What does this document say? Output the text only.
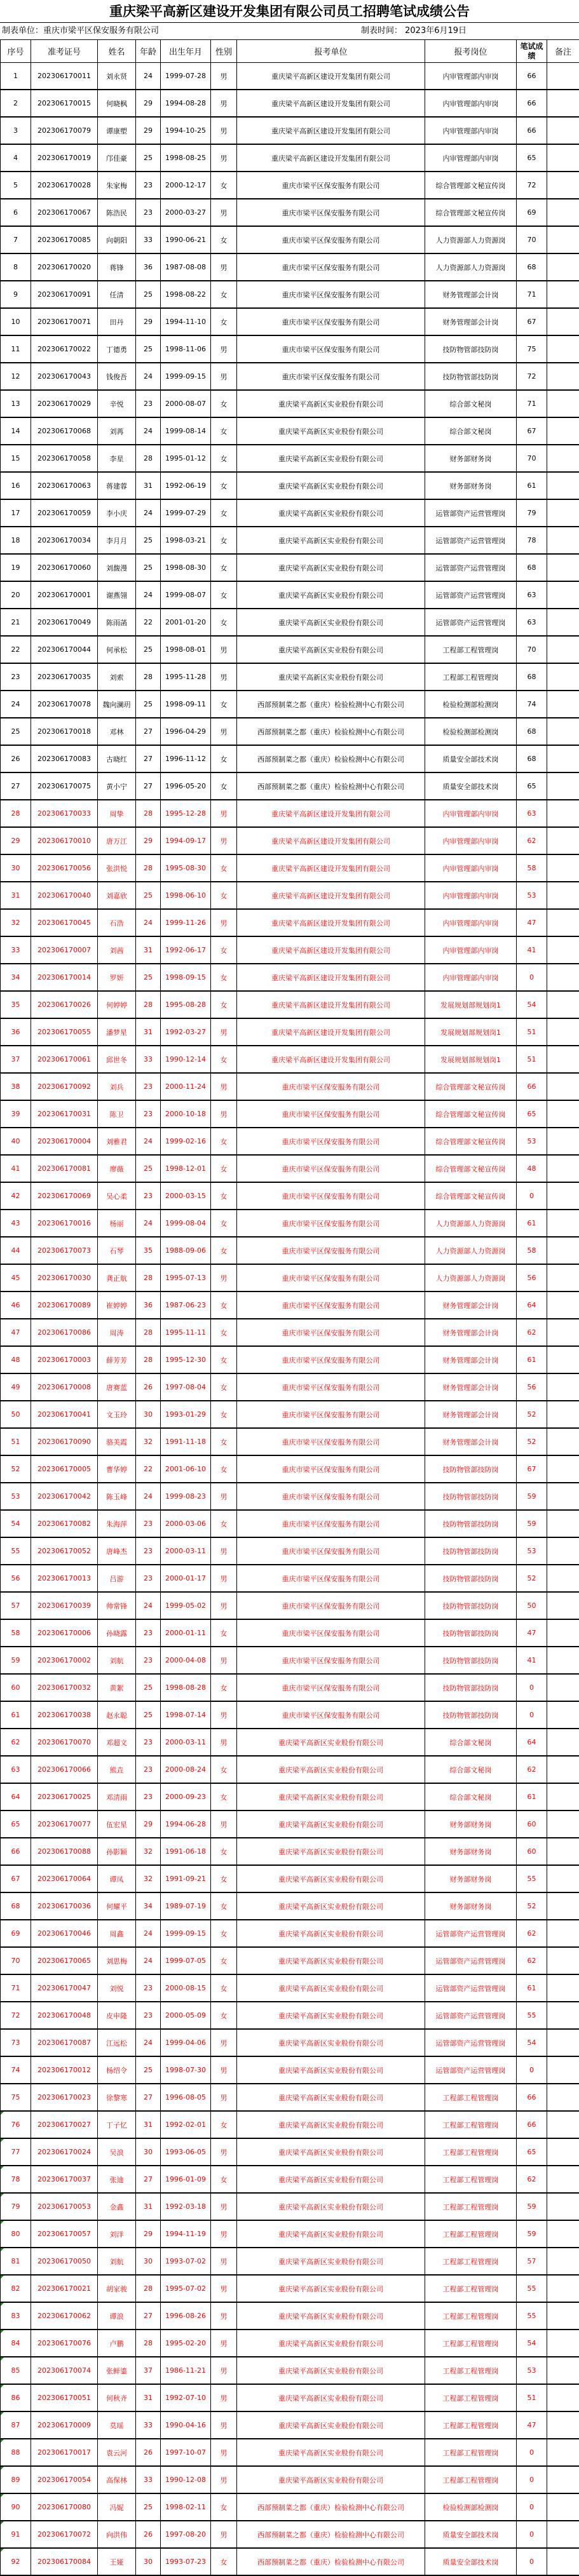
重庆梁平高新区建设开发集团有限公司员工招聘笔试成绩公告
制表单位：重庆市梁平区保安服务有限公司	制表时间： 2023年6月19日
序号	准考证号	姓名	年龄	出生年月	性别	报考单位	报考岗位	笔试成绩	备注
1	202306170011	刘永贤	24	1999-07-28	男	重庆梁平高新区建设开发集团有限公司	内审管理部内审岗	66	
2	202306170015	何晓枫	29	1994-08-28	男	重庆梁平高新区建设开发集团有限公司	内审管理部内审岗	66	
3	202306170079	谭康塱	29	1994-10-25	男	重庆梁平高新区建设开发集团有限公司	内审管理部内审岗	66	
4	202306170019	邝佳豪	25	1998-08-25	男	重庆梁平高新区建设开发集团有限公司	内审管理部内审岗	65	
5	202306170028	朱家梅	23	2000-12-17	女	重庆市梁平区保安服务有限公司	综合管理部文秘宣传岗	72	
6	202306170067	陈浩民	23	2000-03-27	男	重庆市梁平区保安服务有限公司	综合管理部文秘宣传岗	69	
7	202306170085	向朝阳	33	1990-06-21	女	重庆市梁平区保安服务有限公司	人力资源部人力资源岗	70	
8	202306170020	蒋锋	36	1987-08-08	男	重庆市梁平区保安服务有限公司	人力资源部人力资源岗	68	
9	202306170091	任清	25	1998-08-22	女	重庆市梁平区保安服务有限公司	财务管理部会计岗	71	
10	202306170071	田丹	29	1994-11-10	女	重庆市梁平区保安服务有限公司	财务管理部会计岗	67	
11	202306170022	丁德勇	25	1998-11-06	男	重庆市梁平区保安服务有限公司	技防物管部技防岗	75	
12	202306170043	钱俊吾	24	1999-09-15	男	重庆市梁平区保安服务有限公司	技防物管部技防岗	72	
13	202306170029	辛悦	23	2000-08-07	女	重庆梁平高新区实业股份有限公司	综合部文秘岗	71	
14	202306170068	刘苒	24	1999-08-14	女	重庆梁平高新区实业股份有限公司	综合部文秘岗	67	
15	202306170058	李星	28	1995-01-12	女	重庆梁平高新区实业股份有限公司	财务部财务岗	70	
16	202306170063	蒋建蓉	31	1992-06-19	女	重庆梁平高新区实业股份有限公司	财务部财务岗	61	
17	202306170059	李小庆	24	1999-07-29	女	重庆梁平高新区实业股份有限公司	运管部资产运营管理岗	79	
18	202306170034	李月月	25	1998-03-21	女	重庆梁平高新区实业股份有限公司	运管部资产运营管理岗	78	
19	202306170060	刘馥漫	25	1998-08-30	女	重庆梁平高新区实业股份有限公司	运管部资产运营管理岗	68	
20	202306170001	谢燕翎	24	1999-08-07	女	重庆梁平高新区实业股份有限公司	运管部资产运营管理岗	63	
21	202306170049	陈雨菡	22	2001-01-20	女	重庆梁平高新区实业股份有限公司	运管部资产运营管理岗	63	
22	202306170044	何承松	25	1998-08-01	男	重庆梁平高新区实业股份有限公司	工程部工程管理岗	70	
23	202306170035	刘索	28	1995-11-28	男	重庆梁平高新区实业股份有限公司	工程部工程管理岗	68	
24	202306170078	魏向澜玥	25	1998-09-11	女	西部预制菜之都（重庆）检验检测中心有限公司	检验检测部检测岗	74	
25	202306170018	邓林	27	1996-04-29	男	西部预制菜之都（重庆）检验检测中心有限公司	检验检测部检测岗	68	
26	202306170083	古晓红	27	1996-11-12	女	西部预制菜之都（重庆）检验检测中心有限公司	质量安全部技术岗	68	
27	202306170075	黄小宁	27	1996-05-20	女	西部预制菜之都（重庆）检验检测中心有限公司	质量安全部技术岗	65	
28	202306170033	周挚	28	1995-12-28	男	重庆梁平高新区建设开发集团有限公司	内审管理部内审岗	63	
29	202306170010	唐万江	29	1994-09-17	男	重庆梁平高新区建设开发集团有限公司	内审管理部内审岗	62	
30	202306170056	张洪悦	28	1995-08-30	女	重庆梁平高新区建设开发集团有限公司	内审管理部内审岗	58	
31	202306170040	刘嘉欣	25	1998-06-10	女	重庆梁平高新区建设开发集团有限公司	内审管理部内审岗	53	
32	202306170045	石浩	24	1999-11-26	男	重庆梁平高新区建设开发集团有限公司	内审管理部内审岗	47	
33	202306170007	刘茜	31	1992-06-17	女	重庆梁平高新区建设开发集团有限公司	内审管理部内审岗	41	
34	202306170014	罗妍	25	1998-09-15	女	重庆梁平高新区建设开发集团有限公司	内审管理部内审岗	0	
35	202306170026	何婷婷	28	1995-08-28	女	重庆梁平高新区建设开发集团有限公司	发展规划部规划岗1	54	
36	202306170055	潘梦星	31	1992-03-27	男	重庆梁平高新区建设开发集团有限公司	发展规划部规划岗1	51	
37	202306170061	邱世冬	33	1990-12-14	女	重庆梁平高新区建设开发集团有限公司	发展规划部规划岗1	51	
38	202306170092	刘兵	23	2000-11-24	男	重庆市梁平区保安服务有限公司	综合管理部文秘宣传岗	66	
39	202306170031	陈卫	23	2000-10-18	男	重庆市梁平区保安服务有限公司	综合管理部文秘宣传岗	65	
40	202306170004	刘雅君	24	1999-02-16	女	重庆市梁平区保安服务有限公司	综合管理部文秘宣传岗	53	
41	202306170081	廖薇	25	1998-12-01	女	重庆市梁平区保安服务有限公司	综合管理部文秘宣传岗	48	
42	202306170069	吴心柔	23	2000-03-15	女	重庆市梁平区保安服务有限公司	综合管理部文秘宣传岗	0	
43	202306170016	杨丽	24	1999-08-04	女	重庆市梁平区保安服务有限公司	人力资源部人力资源岗	61	
44	202306170073	石琴	35	1988-09-06	女	重庆市梁平区保安服务有限公司	人力资源部人力资源岗	58	
45	202306170030	龚正航	28	1995-07-13	男	重庆市梁平区保安服务有限公司	人力资源部人力资源岗	56	
46	202306170089	崔婷婷	36	1987-06-23	女	重庆市梁平区保安服务有限公司	财务管理部会计岗	64	
47	202306170086	周涛	28	1995-11-11	女	重庆市梁平区保安服务有限公司	财务管理部会计岗	62	
48	202306170003	薛芳芳	28	1995-12-30	女	重庆市梁平区保安服务有限公司	财务管理部会计岗	61	
49	202306170008	唐赛蓝	26	1997-08-04	女	重庆市梁平区保安服务有限公司	财务管理部会计岗	56	
50	202306170041	文玉玲	30	1993-01-29	女	重庆市梁平区保安服务有限公司	财务管理部会计岗	52	
51	202306170090	骆美霞	32	1991-11-18	女	重庆市梁平区保安服务有限公司	财务管理部会计岗	52	
52	202306170005	曹华婷	22	2001-06-10	女	重庆市梁平区保安服务有限公司	技防物管部技防岗	67	
53	202306170042	陈玉峰	24	1999-08-23	男	重庆市梁平区保安服务有限公司	技防物管部技防岗	59	
54	202306170082	朱海萍	23	2000-03-06	女	重庆市梁平区保安服务有限公司	技防物管部技防岗	59	
55	202306170052	唐峰杰	23	2000-03-11	男	重庆市梁平区保安服务有限公司	技防物管部技防岗	53	
56	202306170013	吕游	23	2000-01-17	男	重庆市梁平区保安服务有限公司	技防物管部技防岗	52	
57	202306170039	帅常锋	24	1999-05-02	男	重庆市梁平区保安服务有限公司	技防物管部技防岗	50	
58	202306170006	孙晓露	23	2000-01-11	女	重庆市梁平区保安服务有限公司	技防物管部技防岗	47	
59	202306170002	刘航	23	2000-04-08	男	重庆市梁平区保安服务有限公司	技防物管部技防岗	41	
60	202306170032	黄絮	25	1998-08-28	女	重庆市梁平区保安服务有限公司	技防物管部技防岗	0	
61	202306170038	赵永聪	25	1998-07-14	男	重庆市梁平区保安服务有限公司	技防物管部技防岗	0	
62	202306170070	邓超文	23	2000-03-11	男	重庆梁平高新区实业股份有限公司	综合部文秘岗	64	
63	202306170066	熊垚	23	2000-08-24	女	重庆梁平高新区实业股份有限公司	综合部文秘岗	62	
64	202306170025	邓清雨	23	2000-09-23	女	重庆梁平高新区实业股份有限公司	综合部文秘岗	61	
65	202306170077	伍宏星	29	1994-06-28	男	重庆梁平高新区实业股份有限公司	财务部财务岗	60	
66	202306170088	孙影颖	32	1991-06-18	女	重庆梁平高新区实业股份有限公司	财务部财务岗	60	
67	202306170064	谭凤	32	1991-09-21	女	重庆梁平高新区实业股份有限公司	财务部财务岗	55	
68	202306170036	何耀平	34	1989-07-19	女	重庆梁平高新区实业股份有限公司	财务部财务岗	52	
69	202306170046	周鑫	24	1999-09-15	女	重庆梁平高新区实业股份有限公司	运管部资产运营管理岗	62	
70	202306170065	刘思梅	24	1999-07-05	女	重庆梁平高新区实业股份有限公司	运管部资产运营管理岗	62	
71	202306170047	刘悦	23	2000-08-15	女	重庆梁平高新区实业股份有限公司	运管部资产运营管理岗	61	
72	202306170048	皮申隆	23	2000-05-09	女	重庆梁平高新区实业股份有限公司	运管部资产运营管理岗	55	
73	202306170087	江远松	24	1999-04-06	男	重庆梁平高新区实业股份有限公司	运管部资产运营管理岗	54	
74	202306170012	杨绍令	25	1998-07-30	男	重庆梁平高新区实业股份有限公司	运管部资产运营管理岗	0	
75	202306170023	徐黎寒	27	1996-08-05	男	重庆梁平高新区实业股份有限公司	工程部工程管理岗	66	
76	202306170027	丁子忆	31	1992-02-01	女	重庆梁平高新区实业股份有限公司	工程部工程管理岗	66	
77	202306170024	吴浪	30	1993-06-05	男	重庆梁平高新区实业股份有限公司	工程部工程管理岗	65	
78	202306170037	张迪	27	1996-01-09	女	重庆梁平高新区实业股份有限公司	工程部工程管理岗	62	
79	202306170053	金鑫	31	1992-03-18	男	重庆梁平高新区实业股份有限公司	工程部工程管理岗	59	
80	202306170057	刘洋	29	1994-11-19	男	重庆梁平高新区实业股份有限公司	工程部工程管理岗	59	
81	202306170050	刘航	30	1993-07-02	男	重庆梁平高新区实业股份有限公司	工程部工程管理岗	57	
82	202306170021	胡家骏	28	1995-07-02	男	重庆梁平高新区实业股份有限公司	工程部工程管理岗	55	
83	202306170062	谭浪	27	1996-08-26	男	重庆梁平高新区实业股份有限公司	工程部工程管理岗	55	
84	202306170076	卢鹏	28	1995-02-20	男	重庆梁平高新区实业股份有限公司	工程部工程管理岗	54	
85	202306170074	张鲜鎏	37	1986-11-21	男	重庆梁平高新区实业股份有限公司	工程部工程管理岗	53	
86	202306170051	何秋齐	31	1992-07-10	男	重庆梁平高新区实业股份有限公司	工程部工程管理岗	51	
87	202306170009	莫瑶	33	1990-04-16	男	重庆梁平高新区实业股份有限公司	工程部工程管理岗	47	
88	202306170017	袁云河	26	1997-10-07	男	重庆梁平高新区实业股份有限公司	工程部工程管理岗	0	
89	202306170054	高保林	33	1990-12-08	男	重庆梁平高新区实业股份有限公司	工程部工程管理岗	0	
90	202306170080	冯妮	25	1998-02-11	女	西部预制菜之都（重庆）检验检测中心有限公司	检验检测部检测岗	0	
91	202306170072	向洪伟	26	1997-08-20	男	西部预制菜之都（重庆）检验检测中心有限公司	质量安全部技术岗	0	
92	202306170084	王娅	30	1993-07-23	女	西部预制菜之都（重庆）检验检测中心有限公司	质量安全部技术岗	0	
